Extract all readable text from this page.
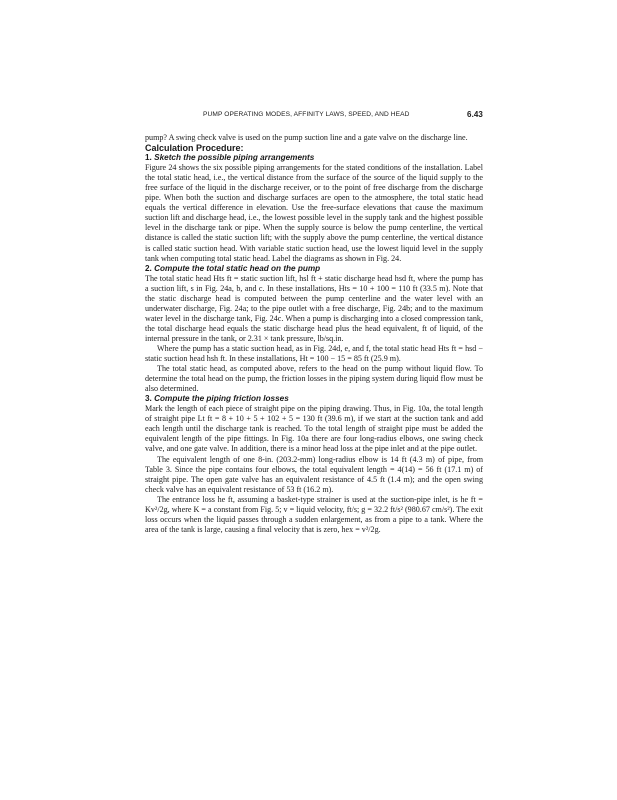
PUMP OPERATING MODES, AFFINITY LAWS, SPEED, AND HEAD	6.43

pump? A swing check valve is used on the pump suction line and a gate valve on the discharge line.

Calculation Procedure:

1. Sketch the possible piping arrangements

Figure 24 shows the six possible piping arrangements for the stated conditions of the installation. Label the total static head, i.e., the vertical distance from the surface of the source of the liquid supply to the free surface of the liquid in the discharge receiver, or to the point of free discharge from the discharge pipe. When both the suction and discharge surfaces are open to the atmosphere, the total static head equals the vertical difference in elevation. Use the free-surface elevations that cause the maximum suction lift and discharge head, i.e., the lowest possible level in the supply tank and the highest possible level in the discharge tank or pipe. When the supply source is below the pump centerline, the vertical distance is called the static suction lift; with the supply above the pump centerline, the vertical distance is called static suction head. With variable static suction head, use the lowest liquid level in the supply tank when computing total static head. Label the diagrams as shown in Fig. 24.

2. Compute the total static head on the pump

The total static head Hts ft = static suction lift, hsl ft + static discharge head hsd ft, where the pump has a suction lift, s in Fig. 24a, b, and c. In these installations, Hts = 10 + 100 = 110 ft (33.5 m). Note that the static discharge head is computed between the pump centerline and the water level with an underwater discharge, Fig. 24a; to the pipe outlet with a free discharge, Fig. 24b; and to the maximum water level in the discharge tank, Fig. 24c. When a pump is discharging into a closed compression tank, the total discharge head equals the static discharge head plus the head equivalent, ft of liquid, of the internal pressure in the tank, or 2.31 × tank pressure, lb/sq.in.

Where the pump has a static suction head, as in Fig. 24d, e, and f, the total static head Hts ft = hsd − static suction head hsh ft. In these installations, Ht = 100 − 15 = 85 ft (25.9 m).

The total static head, as computed above, refers to the head on the pump without liquid flow. To determine the total head on the pump, the friction losses in the piping system during liquid flow must be also determined.

3. Compute the piping friction losses

Mark the length of each piece of straight pipe on the piping drawing. Thus, in Fig. 10a, the total length of straight pipe Lt ft = 8 + 10 + 5 + 102 + 5 = 130 ft (39.6 m), if we start at the suction tank and add each length until the discharge tank is reached. To the total length of straight pipe must be added the equivalent length of the pipe fittings. In Fig. 10a there are four long-radius elbows, one swing check valve, and one gate valve. In addition, there is a minor head loss at the pipe inlet and at the pipe outlet.

The equivalent length of one 8-in. (203.2-mm) long-radius elbow is 14 ft (4.3 m) of pipe, from Table 3. Since the pipe contains four elbows, the total equivalent length = 4(14) = 56 ft (17.1 m) of straight pipe. The open gate valve has an equivalent resistance of 4.5 ft (1.4 m); and the open swing check valve has an equivalent resistance of 53 ft (16.2 m).

The entrance loss he ft, assuming a basket-type strainer is used at the suction-pipe inlet, is he ft = Kv²/2g, where K = a constant from Fig. 5; v = liquid velocity, ft/s; g = 32.2 ft/s² (980.67 cm/s²). The exit loss occurs when the liquid passes through a sudden enlargement, as from a pipe to a tank. Where the area of the tank is large, causing a final velocity that is zero, hex = v²/2g.
